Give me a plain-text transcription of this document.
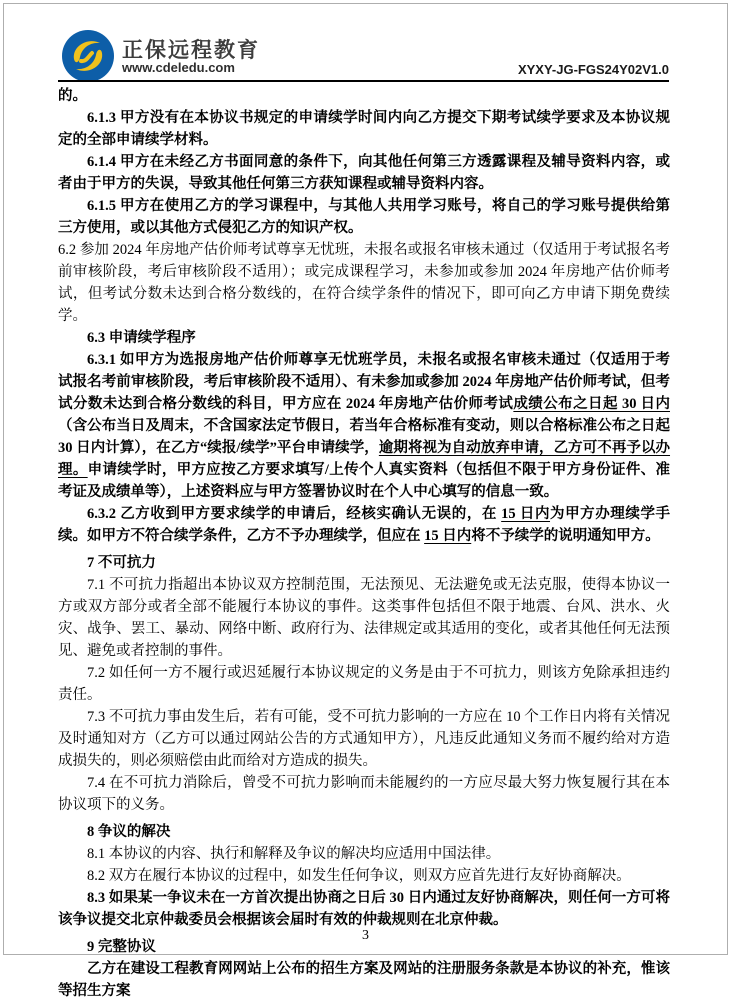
正保远程教育
www.cdeledu.com	XYXY-JG-FGS24Y02V1.0

的。

6.1.3 甲方没有在本协议书规定的申请续学时间内向乙方提交下期考试续学要求及本协议规定的全部申请续学材料。

6.1.4 甲方在未经乙方书面同意的条件下，向其他任何第三方透露课程及辅导资料内容，或者由于甲方的失误，导致其他任何第三方获知课程或辅导资料内容。

6.1.5 甲方在使用乙方的学习课程中，与其他人共用学习账号，将自己的学习账号提供给第三方使用，或以其他方式侵犯乙方的知识产权。

6.2 参加 2024 年房地产估价师考试尊享无忧班，未报名或报名审核未通过（仅适用于考试报名考前审核阶段，考后审核阶段不适用）；或完成课程学习，未参加或参加 2024 年房地产估价师考试，但考试分数未达到合格分数线的，在符合续学条件的情况下，即可向乙方申请下期免费续学。

6.3 申请续学程序

6.3.1 如甲方为选报房地产估价师尊享无忧班学员，未报名或报名审核未通过（仅适用于考试报名考前审核阶段，考后审核阶段不适用）、有未参加或参加 2024 年房地产估价师考试，但考试分数未达到合格分数线的科目，甲方应在 2024 年房地产估价师考试成绩公布之日起 30 日内（含公布当日及周末，不含国家法定节假日，若当年合格标准有变动，则以合格标准公布之日起 30 日内计算），在乙方“续报/续学”平台申请续学，逾期将视为自动放弃申请，乙方可不再予以办理。申请续学时，甲方应按乙方要求填写/上传个人真实资料（包括但不限于甲方身份证件、准考证及成绩单等），上述资料应与甲方签署协议时在个人中心填写的信息一致。

6.3.2 乙方收到甲方要求续学的申请后，经核实确认无误的，在 15 日内为甲方办理续学手续。如甲方不符合续学条件，乙方不予办理续学，但应在 15 日内将不予续学的说明通知甲方。

7 不可抗力

7.1 不可抗力指超出本协议双方控制范围，无法预见、无法避免或无法克服，使得本协议一方或双方部分或者全部不能履行本协议的事件。这类事件包括但不限于地震、台风、洪水、火灾、战争、罢工、暴动、网络中断、政府行为、法律规定或其适用的变化，或者其他任何无法预见、避免或者控制的事件。

7.2 如任何一方不履行或迟延履行本协议规定的义务是由于不可抗力，则该方免除承担违约责任。

7.3 不可抗力事由发生后，若有可能，受不可抗力影响的一方应在 10 个工作日内将有关情况及时通知对方（乙方可以通过网站公告的方式通知甲方），凡违反此通知义务而不履约给对方造成损失的，则必须赔偿由此而给对方造成的损失。

7.4 在不可抗力消除后，曾受不可抗力影响而未能履约的一方应尽最大努力恢复履行其在本协议项下的义务。

8 争议的解决

8.1 本协议的内容、执行和解释及争议的解决均应适用中国法律。

8.2 双方在履行本协议的过程中，如发生任何争议，则双方应首先进行友好协商解决。

8.3 如果某一争议未在一方首次提出协商之日后 30 日内通过友好协商解决，则任何一方可将该争议提交北京仲裁委员会根据该会届时有效的仲裁规则在北京仲裁。

9 完整协议

乙方在建设工程教育网网站上公布的招生方案及网站的注册服务条款是本协议的补充，惟该等招生方案

3
